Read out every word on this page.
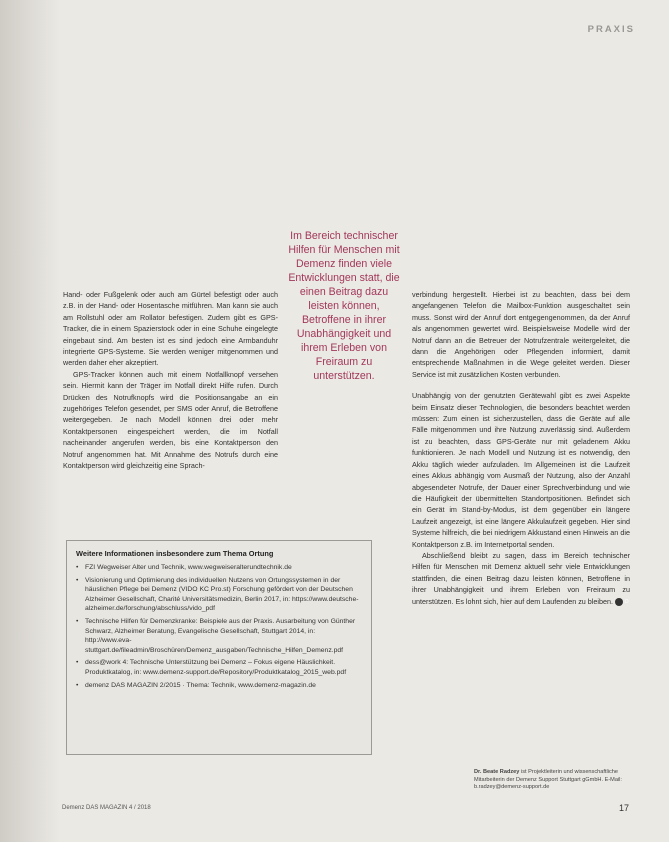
PRAXIS
Im Bereich technischer Hilfen für Menschen mit Demenz finden viele Entwicklungen statt, die einen Beitrag dazu leisten können, Betroffene in ihrer Unabhängigkeit und ihrem Erleben von Freiraum zu unterstützen.

Hand- oder Fußgelenk oder auch am Gürtel befestigt oder auch z.B. in der Hand- oder Hosentasche mitführen. Man kann sie auch am Rollstuhl oder am Rollator befestigen. Zudem gibt es GPS-Tracker, die in einem Spazierstock oder in eine Schuhe eingelegte eingebaut sind. Am besten ist es sind jedoch eine Armbanduhr integrierte GPS-Systeme. Sie werden weniger mitgenommen und werden daher eher akzeptiert.

GPS-Tracker können auch mit einem Notfallknopf versehen sein. Hiermit kann der Träger im Notfall direkt Hilfe rufen. Durch Drücken des Notrufknopfs wird die Positionsangabe an ein zugehöriges Telefon gesendet, per SMS oder Anruf, die Betroffene weitergegeben. Je nach Modell können drei oder mehr Kontaktpersonen eingespeichert werden, die im Notfall nacheinander angerufen werden, bis eine Kontaktperson den Notruf angenommen hat. Mit Annahme des Notrufs durch eine Kontaktperson wird gleichzeitig eine Sprach-

verbindung hergestellt. Hierbei ist zu beachten, dass bei dem angefangenen Telefon die Mailbox-Funktion ausgeschaltet sein muss. Sonst wird der Anruf dort entgegengenommen, da der Anruf als angenommen gewertet wird. Beispielsweise Modelle wird der Notruf dann an die Betreuer der Notrufzentrale weitergeleitet, die dann die Angehörigen oder Pflegenden informiert, damit entsprechende Maßnahmen in die Wege geleitet werden. Dieser Service ist mit zusätzlichen Kosten verbunden.

Unabhängig von der genutzten Gerätewahl gibt es zwei Aspekte beim Einsatz dieser Technologien, die besonders beachtet werden müssen: Zum einen ist sicherzustellen, dass die Geräte auf alle Fälle mitgenommen und ihre Nutzung zuverlässig sind. Außerdem ist zu beachten, dass GPS-Geräte nur mit geladenem Akku funktionieren. Je nach Modell und Nutzung ist es notwendig, den Akku täglich wieder aufzuladen. Im Allgemeinen ist die Laufzeit eines Akkus abhängig vom Ausmaß der Nutzung, also der Anzahl abgesendeter Notrufe, der Dauer einer Sprechverbindung und wie die Häufigkeit der übermittelten Standortpositionen. Befindet sich ein Gerät im Stand-by-Modus, ist dem gegenüber ein längere Laufzeit angezeigt, ist eine längere Akkulaufzeit gegeben. Hier sind Systeme hilfreich, die bei niedrigem Akkustand einen Hinweis an die Kontaktperson z.B. im Internetportal senden.

Abschließend bleibt zu sagen, dass im Bereich technischer Hilfen für Menschen mit Demenz aktuell sehr viele Entwicklungen stattfinden, die einen Beitrag dazu leisten können, Betroffene in ihrer Unabhängigkeit und ihrem Erleben von Freiraum zu unterstützen. Es lohnt sich, hier auf dem Laufenden zu bleiben. D

Weitere Informationen insbesondere zum Thema Ortung
• FZI Wegweiser Alter und Technik, www.wegweiseralterundtechnik.de
• Visionierung und Optimierung des individuellen Nutzens von Ortungssystemen in der häuslichen Pflege bei Demenz (VIDO KC Pro.st) Forschung gefördert von der Deutschen Alzheimer Gesellschaft, Charité Universitätsmedizin, Berlin 2017, in: https://www.deutsche-alzheimer.de/forschung/abschluss/vido_pdf
• Technische Hilfen für Demenzkranke: Beispiele aus der Praxis. Ausarbeitung von Günther Schwarz, Alzheimer Beratung, Evangelische Gesellschaft, Stuttgart 2014, in: http://www.eva-stuttgart.de/fileadmin/Broschüren/Demenz_ausgaben/Technische_Hilfen_Demenz.pdf
• dess@work 4: Technische Unterstützung bei Demenz – Fokus eigene Häuslichkeit. Produktkatalog, in: www.demenz-support.de/Repository/Produktkatalog_2015_web.pdf
• demenz DAS MAGAZIN 2/2015 · Thema: Technik, www.demenz-magazin.de
Dr. Beate Radzey ist Projektleiterin und wissenschaftliche Mitarbeiterin der Demenz Support Stuttgart gGmbH. E-Mail: b.radzey@demenz-support.de
Demenz DAS MAGAZIN 4 / 2018	17
